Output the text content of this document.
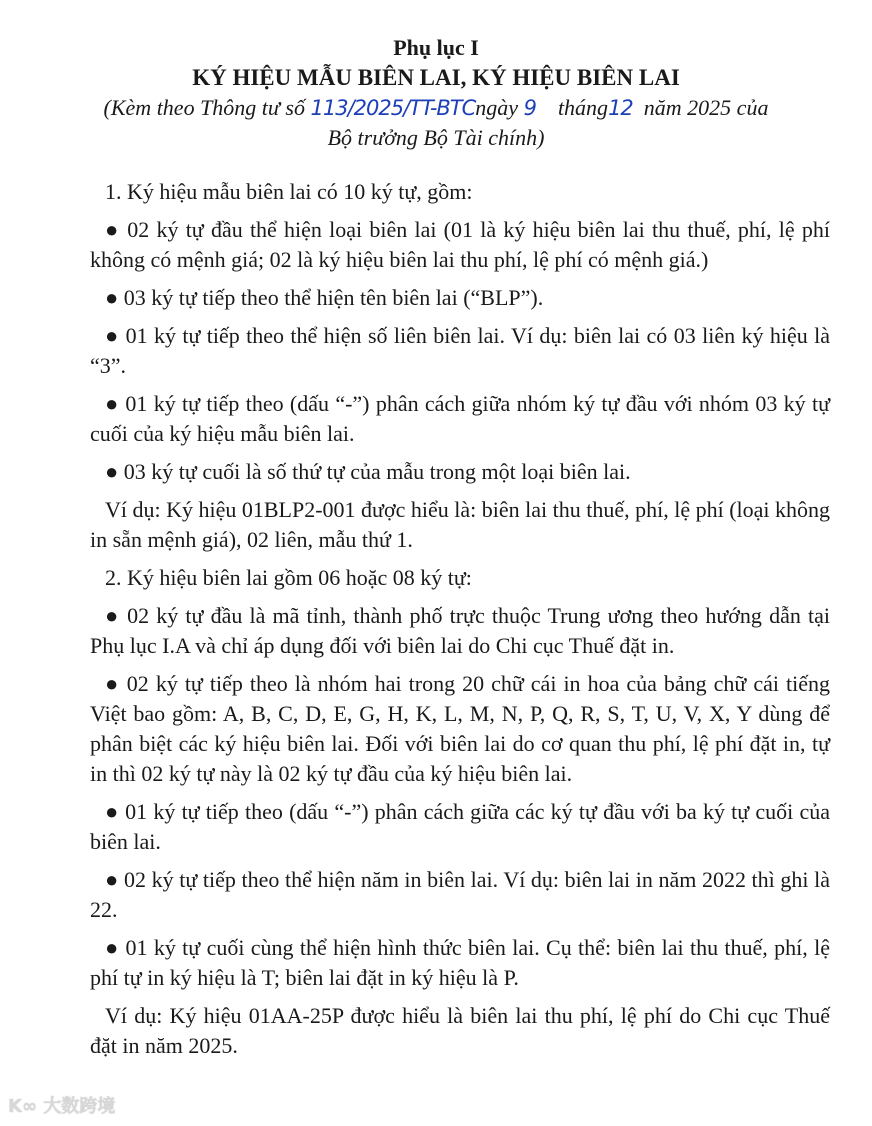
Phụ lục I
KÝ HIỆU MẪU BIÊN LAI, KÝ HIỆU BIÊN LAI
(Kèm theo Thông tư số 113/2025/TT-BTCngày 9 tháng12 năm 2025 của
Bộ trưởng Bộ Tài chính)

1. Ký hiệu mẫu biên lai có 10 ký tự, gồm:

● 02 ký tự đầu thể hiện loại biên lai (01 là ký hiệu biên lai thu thuế, phí, lệ phí không có mệnh giá; 02 là ký hiệu biên lai thu phí, lệ phí có mệnh giá.)

● 03 ký tự tiếp theo thể hiện tên biên lai (“BLP”).

● 01 ký tự tiếp theo thể hiện số liên biên lai. Ví dụ: biên lai có 03 liên ký hiệu là “3”.

● 01 ký tự tiếp theo (dấu “-”) phân cách giữa nhóm ký tự đầu với nhóm 03 ký tự cuối của ký hiệu mẫu biên lai.

● 03 ký tự cuối là số thứ tự của mẫu trong một loại biên lai.

Ví dụ: Ký hiệu 01BLP2-001 được hiểu là: biên lai thu thuế, phí, lệ phí (loại không in sẵn mệnh giá), 02 liên, mẫu thứ 1.

2. Ký hiệu biên lai gồm 06 hoặc 08 ký tự:

● 02 ký tự đầu là mã tỉnh, thành phố trực thuộc Trung ương theo hướng dẫn tại Phụ lục I.A và chỉ áp dụng đối với biên lai do Chi cục Thuế đặt in.

● 02 ký tự tiếp theo là nhóm hai trong 20 chữ cái in hoa của bảng chữ cái tiếng Việt bao gồm: A, B, C, D, E, G, H, K, L, M, N, P, Q, R, S, T, U, V, X, Y dùng để phân biệt các ký hiệu biên lai. Đối với biên lai do cơ quan thu phí, lệ phí đặt in, tự in thì 02 ký tự này là 02 ký tự đầu của ký hiệu biên lai.

● 01 ký tự tiếp theo (dấu “-”) phân cách giữa các ký tự đầu với ba ký tự cuối của biên lai.

● 02 ký tự tiếp theo thể hiện năm in biên lai. Ví dụ: biên lai in năm 2022 thì ghi là 22.

● 01 ký tự cuối cùng thể hiện hình thức biên lai. Cụ thể: biên lai thu thuế, phí, lệ phí tự in ký hiệu là T; biên lai đặt in ký hiệu là P.

Ví dụ: Ký hiệu 01AA-25P được hiểu là biên lai thu phí, lệ phí do Chi cục Thuế đặt in năm 2025.

K∞ 大数跨境
